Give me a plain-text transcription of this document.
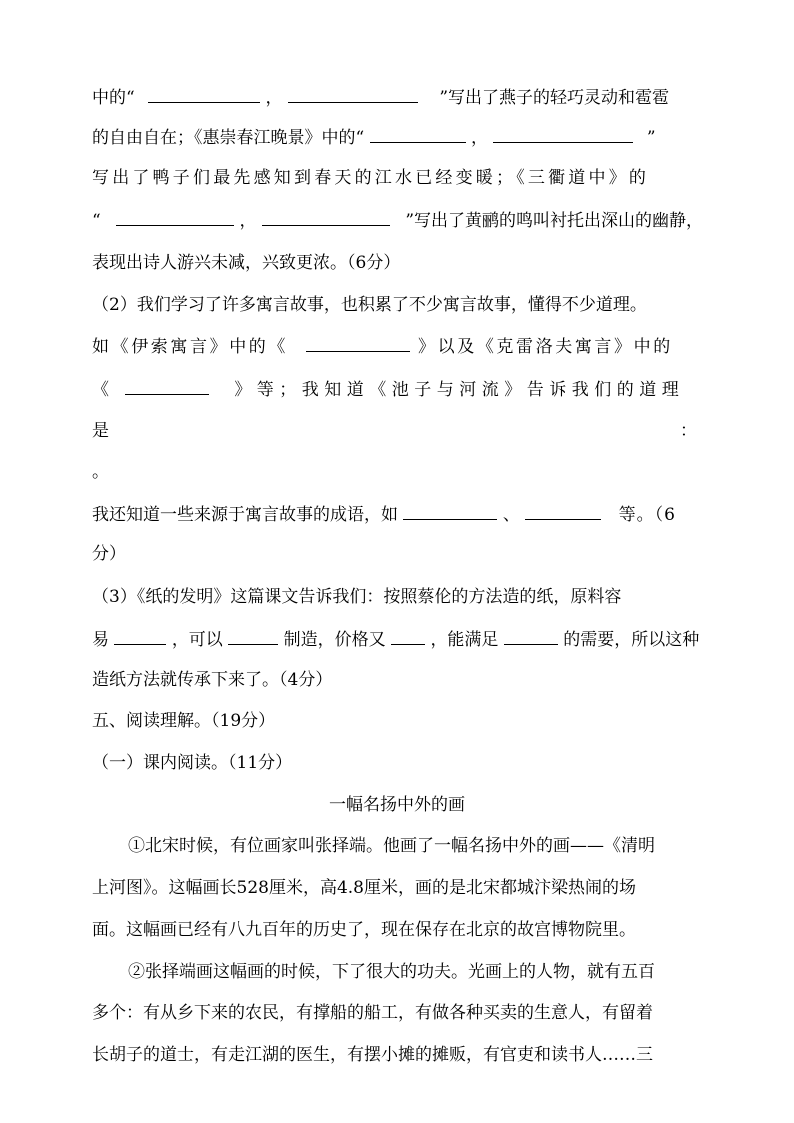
中的“	，	”写出了燕子的轻巧灵动和雹雹
的自由自在；《惠崇春江晚景》中的“	，	”
写出了鸭子们最先感知到春天的江水已经变暖；《三衢道中》的
“	，	”写出了黄鹂的鸣叫衬托出深山的幽静，
表现出诗人游兴未减，兴致更浓。（6分）
（2）我们学习了许多寓言故事，也积累了不少寓言故事，懂得不少道理。
如《伊索寓言》中的《	》以及《克雷洛夫寓言》中的
《	》等；我知道《池子与河流》告诉我们的道理
是	：
。
我还知道一些来源于寓言故事的成语，如	、	等。（6
分）
（3）《纸的发明》这篇课文告诉我们：按照蔡伦的方法造的纸，原料容
易	，可以	制造，价格又	，能满足	的需要，所以这种
造纸方法就传承下来了。（4分）
五、阅读理解。（19分）
（一）课内阅读。（11分）
一幅名扬中外的画
①北宋时候，有位画家叫张择端。他画了一幅名扬中外的画——《清明
上河图》。这幅画长528厘米，高4.8厘米，画的是北宋都城汴梁热闹的场
面。这幅画已经有八九百年的历史了，现在保存在北京的故宫博物院里。
②张择端画这幅画的时候，下了很大的功夫。光画上的人物，就有五百
多个：有从乡下来的农民，有撑船的船工，有做各种买卖的生意人，有留着
长胡子的道士，有走江湖的医生，有摆小摊的摊贩，有官吏和读书人……三
